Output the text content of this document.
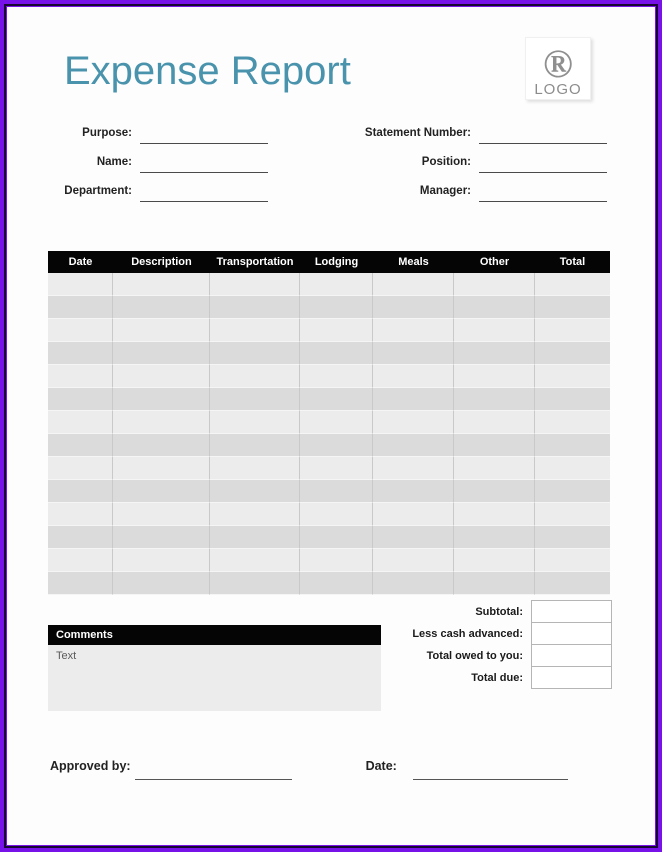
Expense Report	®
LOGO
Purpose:	Statement Number:
Name:	Position:
Department:	Manager:
Date	Description	Transportation	Lodging	Meals	Other	Total
Comments
Text
Subtotal:
Less cash advanced:
Total owed to you:
Total due:
Approved by:	Date:
